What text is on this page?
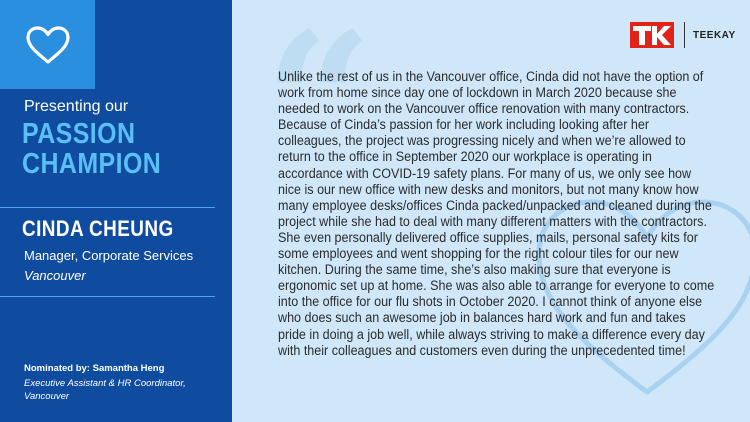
Presenting our
PASSION
CHAMPION
CINDA CHEUNG
Manager, Corporate Services
Vancouver
Nominated by: Samantha Heng
Executive Assistant & HR Coordinator, Vancouver
“	TEEKAY
Unlike the rest of us in the Vancouver office, Cinda did not have the option of work from home since day one of lockdown in March 2020 because she needed to work on the Vancouver office renovation with many contractors. Because of Cinda’s passion for her work including looking after her colleagues, the project was progressing nicely and when we’re allowed to return to the office in September 2020 our workplace is operating in accordance with COVID-19 safety plans. For many of us, we only see how nice is our new office with new desks and monitors, but not many know how many employee desks/offices Cinda packed/unpacked and cleaned during the project while she had to deal with many different matters with the contractors. She even personally delivered office supplies, mails, personal safety kits for some employees and went shopping for the right colour tiles for our new kitchen. During the same time, she’s also making sure that everyone is ergonomic set up at home. She was also able to arrange for everyone to come into the office for our flu shots in October 2020. I cannot think of anyone else who does such an awesome job in balances hard work and fun and takes pride in doing a job well, while always striving to make a difference every day with their colleagues and customers even during the unprecedented time!
